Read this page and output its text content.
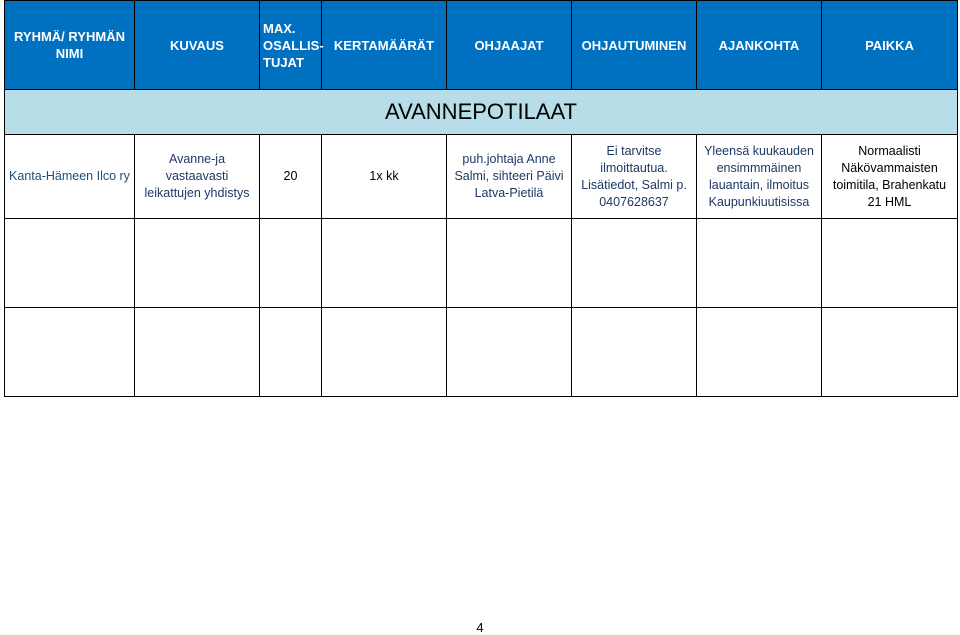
RYHMÄ/ RYHMÄN NIMI	KUVAUS	MAX. OSALLIS-TUJAT	KERTAMÄÄRÄT	OHJAAJAT	OHJAUTUMINEN	AJANKOHTA	PAIKKA
AVANNEPOTILAAT							
Kanta-Hämeen Ilco ry	Avanne-ja vastaavasti leikattujen yhdistys	20	1x kk	puh.johtaja Anne Salmi, sihteeri Päivi Latva-Pietilä	Ei tarvitse ilmoittautua. Lisätiedot, Salmi p. 0407628637	Yleensä kuukauden ensimmmäinen lauantain, ilmoitus Kaupunkiuutisissa	Normaalisti Näkövammaisten toimitila, Brahenkatu 21 HML

4
